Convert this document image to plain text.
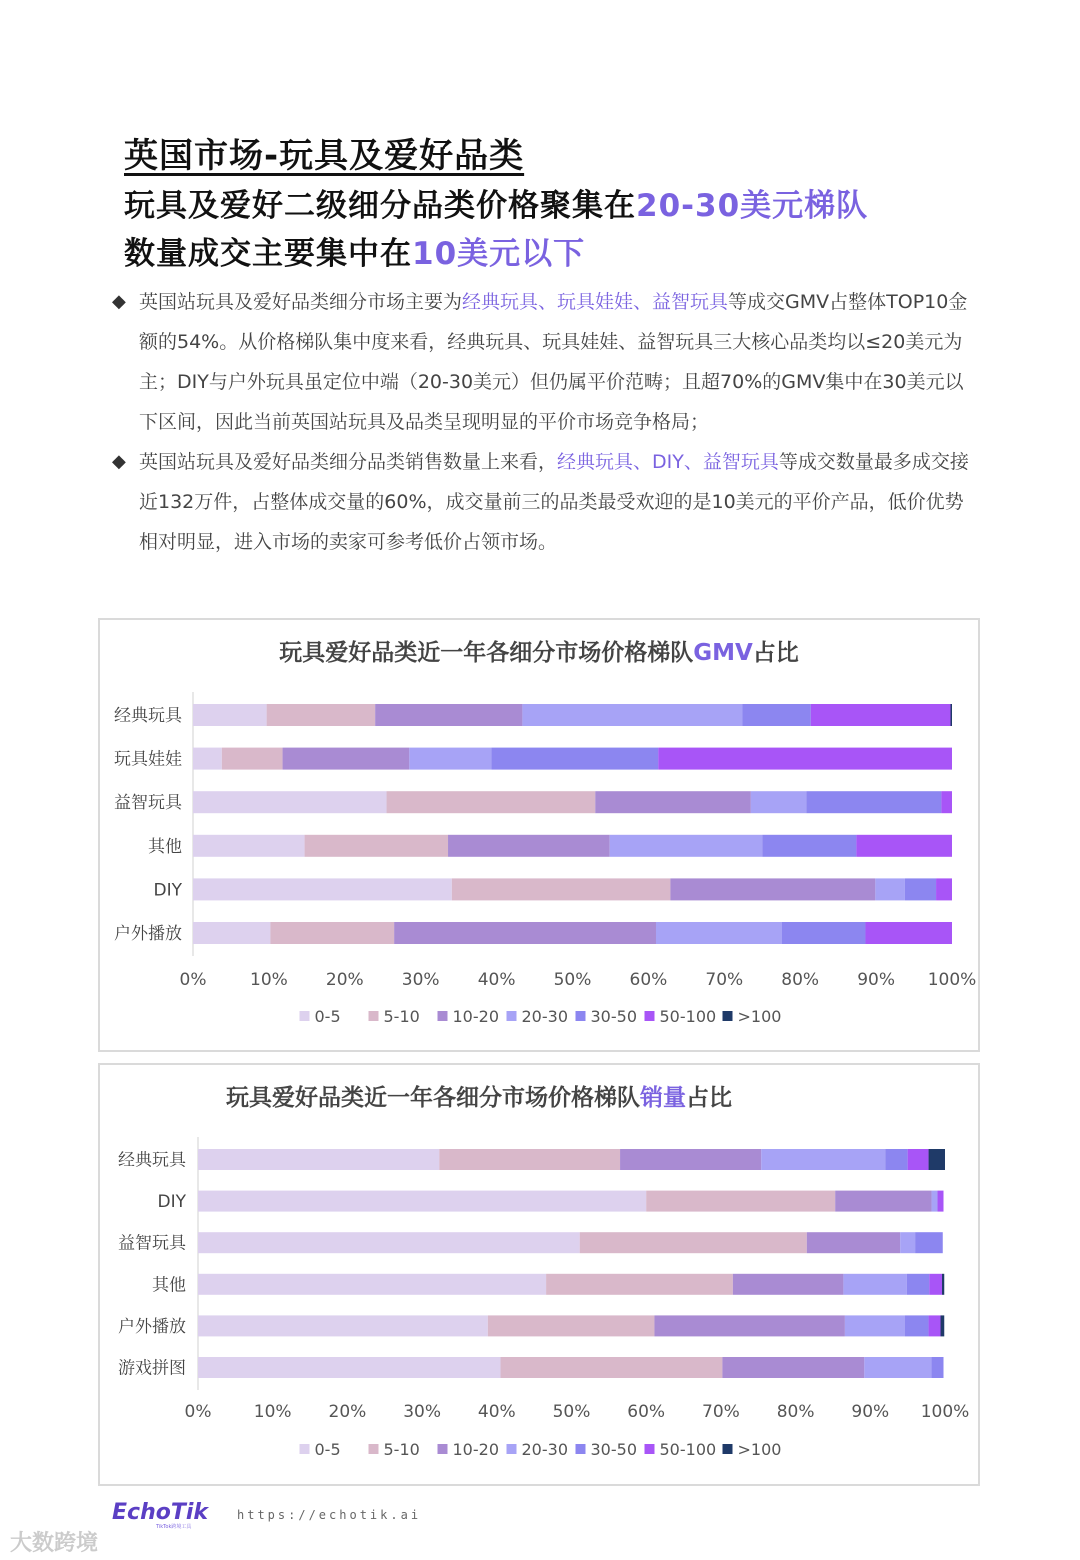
英国市场-玩具及爱好品类
玩具及爱好二级细分品类价格聚集在20-30美元梯队
数量成交主要集中在10美元以下
◆ 英国站玩具及爱好品类细分市场主要为经典玩具、玩具娃娃、益智玩具等成交GMV占整体TOP10金额的54%。从价格梯队集中度来看，经典玩具、玩具娃娃、益智玩具三大核心品类均以≤20美元为主；DIY与户外玩具虽定位中端（20-30美元）但仍属平价范畴；且超70%的GMV集中在30美元以下区间，因此当前英国站玩具及品类呈现明显的平价市场竞争格局；
◆ 英国站玩具及爱好品类细分品类销售数量上来看，经典玩具、DIY、益智玩具等成交数量最多成交接近132万件，占整体成交量的60%，成交量前三的品类最受欢迎的是10美元的平价产品，低价优势相对明显，进入市场的卖家可参考低价占领市场。
玩具爱好品类近一年各细分市场价格梯队GMV占比
经典玩具
玩具娃娃
益智玩具
其他
DIY
户外播放
0%	10% 20% 30% 40% 50% 60% 70% 80% 90% 100%
0-5	5-10 10-20 20-30 30-50 50-100 >100
玩具爱好品类近一年各细分市场价格梯队销量占比
经典玩具
DIY
益智玩具
其他
户外播放
游戏拼图
0% 10% 20% 30% 40% 50% 60% 70% 80% 90% 100%
0-5	5-10 10-20 20-30 30-50 50-100 >100
EchoTik
TikTok跨境工具
https://echotik.ai
大数跨境
